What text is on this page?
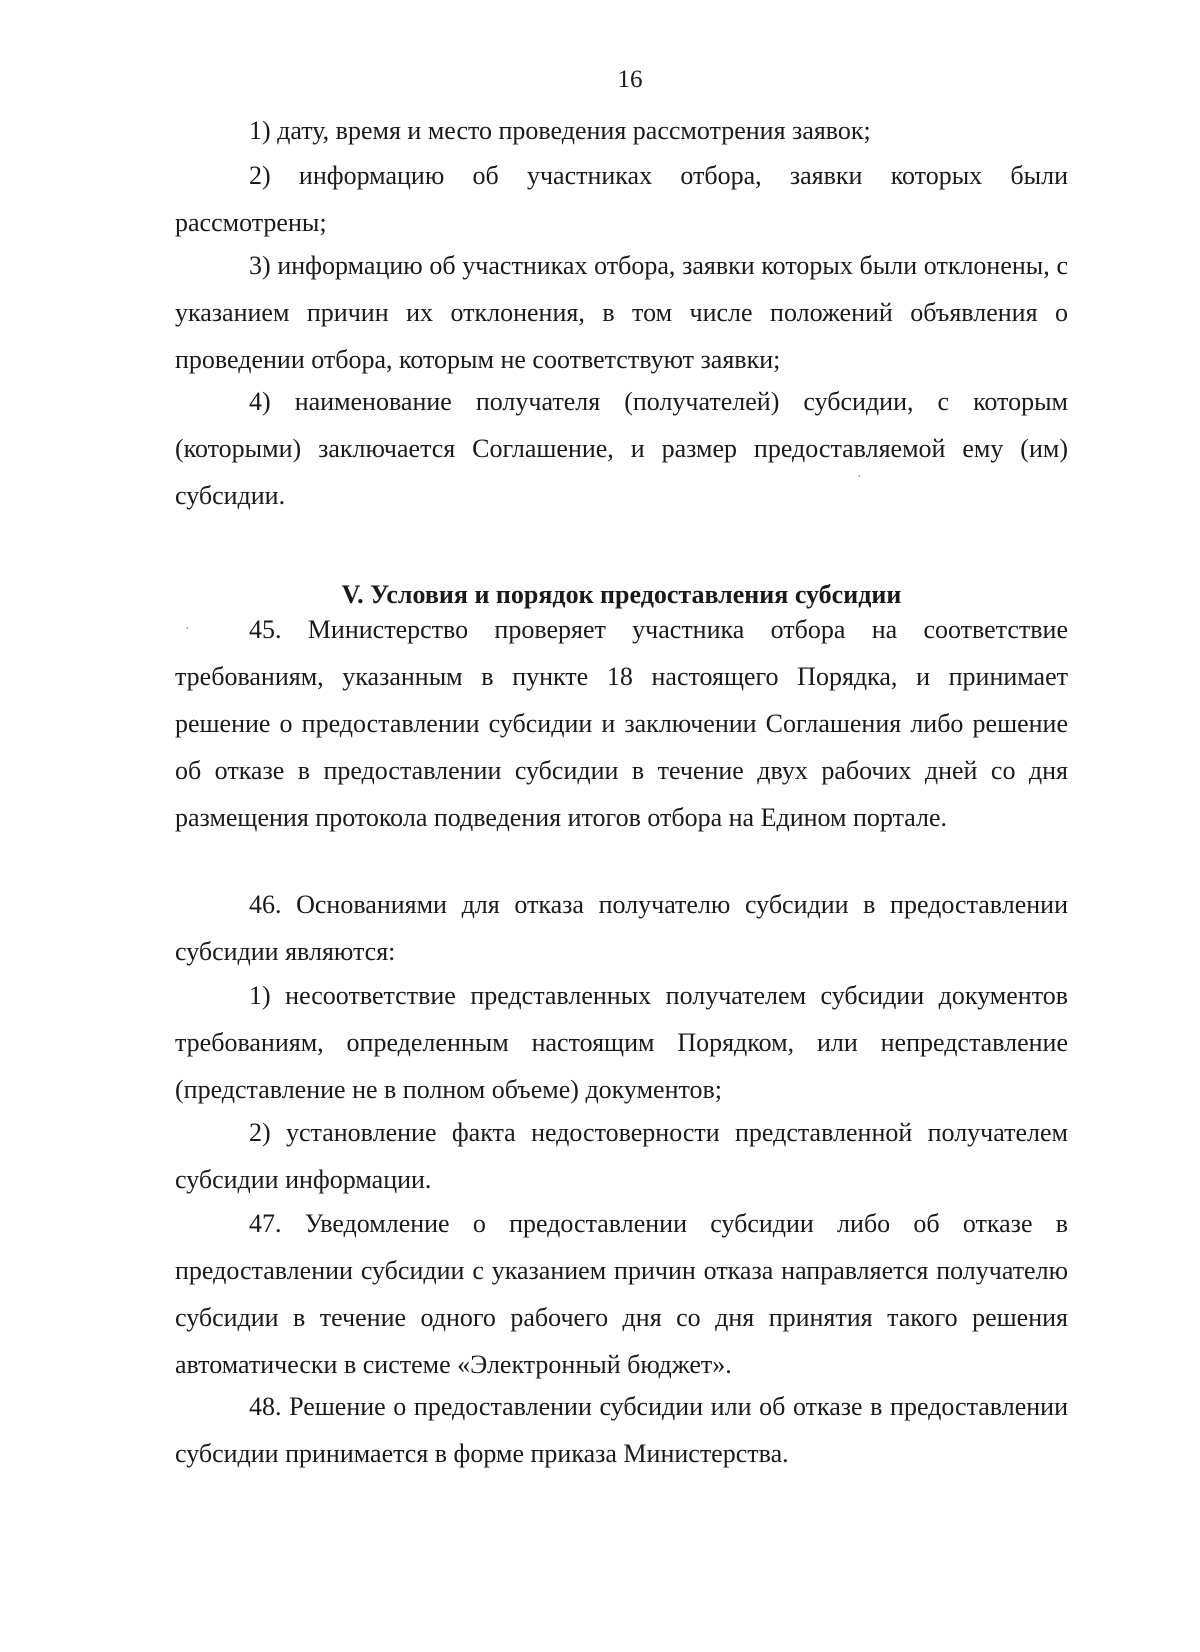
16

1) дату, время и место проведения рассмотрения заявок;

2) информацию об участниках отбора, заявки которых были рассмотрены;

3) информацию об участниках отбора, заявки которых были отклонены, с указанием причин их отклонения, в том числе положений объявления о проведении отбора, которым не соответствуют заявки;

4) наименование получателя (получателей) субсидии, с которым (которыми) заключается Соглашение, и размер предоставляемой ему (им) субсидии.

V. Условия и порядок предоставления субсидии

45. Министерство проверяет участника отбора на соответствие требованиям, указанным в пункте 18 настоящего Порядка, и принимает решение о предоставлении субсидии и заключении Соглашения либо решение об отказе в предоставлении субсидии в течение двух рабочих дней со дня размещения протокола подведения итогов отбора на Едином портале.

46. Основаниями для отказа получателю субсидии в предоставлении субсидии являются:

1) несоответствие представленных получателем субсидии документов требованиям, определенным настоящим Порядком, или непредставление (представление не в полном объеме) документов;

2) установление факта недостоверности представленной получателем субсидии информации.

47. Уведомление о предоставлении субсидии либо об отказе в предоставлении субсидии с указанием причин отказа направляется получателю субсидии в течение одного рабочего дня со дня принятия такого решения автоматически в системе «Электронный бюджет».

48. Решение о предоставлении субсидии или об отказе в предоставлении субсидии принимается в форме приказа Министерства.

·
·
